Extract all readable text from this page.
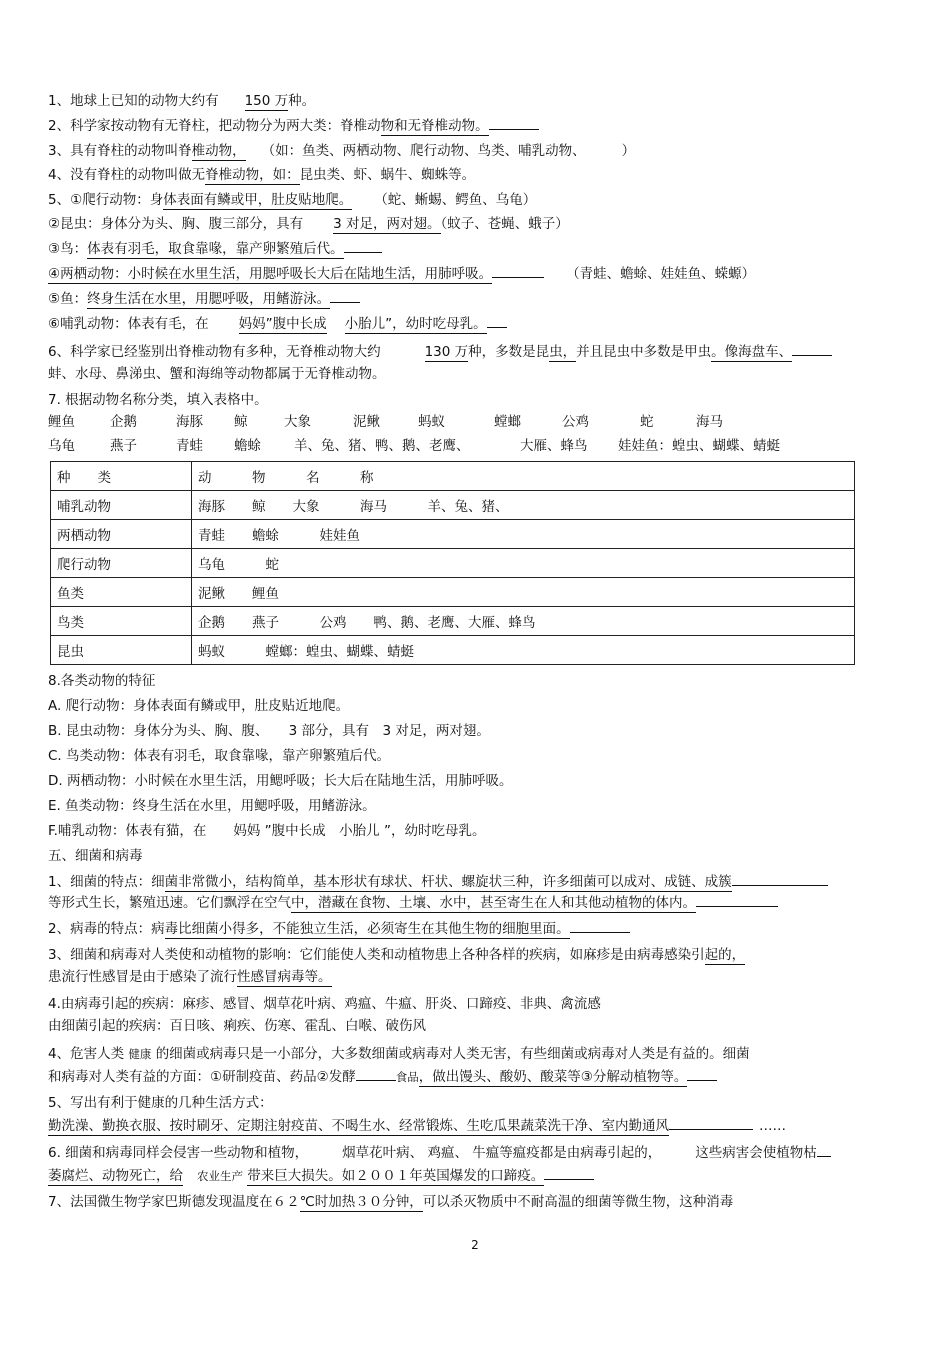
1、地球上已知的动物大约有 150 万种。
2、科学家按动物有无脊柱，把动物分为两大类：脊椎动物和无脊椎动物。
3、具有脊柱的动物叫脊椎动物， （如：鱼类、两栖动物、爬行动物、鸟类、哺乳动物、	）
4、没有脊柱的动物叫做无脊椎动物，如：昆虫类、虾、蜗牛、蜘蛛等。
5、①爬行动物：身体表面有鳞或甲，肚皮贴地爬。 （蛇、蜥蜴、鳄鱼、乌龟）
②昆虫：身体分为头、胸、腹三部分，具有 3 对足，两对翅。（蚊子、苍蝇、蛾子）
③鸟：体表有羽毛，取食靠喙，靠产卵繁殖后代。
④两栖动物：小时候在水里生活，用腮呼吸长大后在陆地生活，用肺呼吸。	（青蛙、蟾蜍、娃娃鱼、蝾螈）
⑤鱼：终身生活在水里，用腮呼吸，用鳍游泳。
⑥哺乳动物：体表有毛，在 妈妈”腹中长成 小胎儿”，幼时吃母乳。
6、科学家已经鉴别出脊椎动物有多种，无脊椎动物大约	130 万种，多数是昆虫，并且昆虫中多数是甲虫。像海盘车、
蚌、水母、鼻涕虫、蟹和海绵等动物都属于无脊椎动物。
7. 根据动物名称分类，填入表格中。
鲤鱼	企鹅	海豚 鲸	大象	泥鳅	蚂蚁	螳螂	公鸡	蛇	海马
乌龟	燕子	青蛙 蟾蜍 羊、兔、猪、鸭、鹅、老鹰、	大雁、蜂鸟 娃娃鱼：蝗虫、蝴蝶、蜻蜓
种　　类	动　　　物　　　名　　　称
哺乳动物	海豚　　鲸　　大象　　　海马　　　羊、兔、猪、
两栖动物	青蛙　　蟾蜍　　　娃娃鱼
爬行动物	乌龟　　　蛇
鱼类	泥鳅　　鲤鱼
鸟类	企鹅　　燕子　　　公鸡　　鸭、鹅、老鹰、大雁、蜂鸟
昆虫	蚂蚁　　　螳螂：蝗虫、蝴蝶、蜻蜓
8.各类动物的特征
A. 爬行动物：身体表面有鳞或甲，肚皮贴近地爬。
B. 昆虫动物：身体分为头、胸、腹、　　3 部分，具有　3 对足，两对翅。
C. 鸟类动物：体表有羽毛，取食靠喙，靠产卵繁殖后代。
D. 两栖动物：小时候在水里生活，用鳃呼吸；长大后在陆地生活，用肺呼吸。
E. 鱼类动物：终身生活在水里，用鳃呼吸，用鳍游泳。
F.哺乳动物：体表有猫，在　　妈妈 ”腹中长成　小胎儿 ”，幼时吃母乳。
五、细菌和病毒
1、细菌的特点：细菌非常微小，结构简单，基本形状有球状、杆状、螺旋状三种，许多细菌可以成对、成链、成簇
等形式生长，繁殖迅速。它们飘浮在空气中，潜藏在食物、土壤、水中，甚至寄生在人和其他动植物的体内。
2、病毒的特点：病毒比细菌小得多，不能独立生活，必须寄生在其他生物的细胞里面。
3、细菌和病毒对人类使和动植物的影响：它们能使人类和动植物患上各种各样的疾病，如麻疹是由病毒感染引起的，
患流行性感冒是由于感染了流行性感冒病毒等。
4.由病毒引起的疾病：麻疹、感冒、烟草花叶病、鸡瘟、牛瘟、肝炎、口蹄疫、非典、禽流感
由细菌引起的疾病：百日咳、痢疾、伤寒、霍乱、白喉、破伤风
4、危害人类 健康 的细菌或病毒只是一小部分，大多数细菌或病毒对人类无害，有些细菌或病毒对人类是有益的。细菌
和病毒对人类有益的方面：①研制疫苗、药品②发酵	食品，做出馒头、酸奶、酸菜等③分解动植物等。
5、写出有利于健康的几种生活方式：
勤洗澡、勤换衣服、按时刷牙、定期注射疫苗、不喝生水、经常锻炼、生吃瓜果蔬菜洗干净、室内勤通风	……
6. 细菌和病毒同样会侵害一些动物和植物，	烟草花叶病、 鸡瘟、 牛瘟等瘟疫都是由病毒引起的，	这些病害会使植物枯
萎腐烂、动物死亡，给 农业生产 带来巨大损失。如２００１年英国爆发的口蹄疫。
7、法国微生物学家巴斯德发现温度在６２℃时加热３０分钟，可以杀灭物质中不耐高温的细菌等微生物，这种消毒
2
